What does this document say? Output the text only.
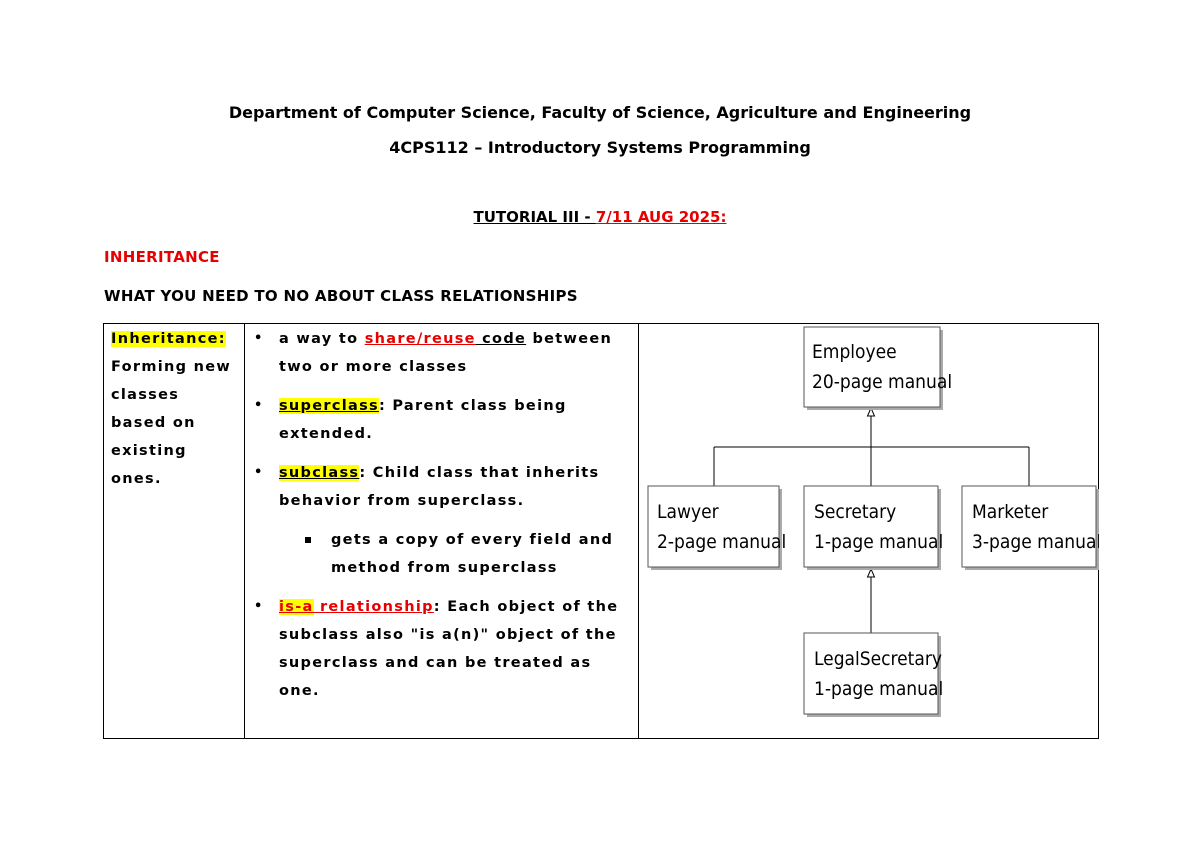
Department of Computer Science, Faculty of Science, Agriculture and Engineering
4CPS112 – Introductory Systems Programming
TUTORIAL III - 7/11 AUG 2025:
INHERITANCE
WHAT YOU NEED TO NO ABOUT CLASS RELATIONSHIPS
Inheritance:
Forming new classes based on existing ones.
• a way to share/reuse code between two or more classes
• superclass: Parent class being extended.
• subclass: Child class that inherits behavior from superclass.
gets a copy of every field and method from superclass
• is-a relationship: Each object of the subclass also "is a(n)" object of the superclass and can be treated as one.
Employee
20-page manual
Lawyer
2-page manual
Secretary
1-page manual
Marketer
3-page manual
LegalSecretary
1-page manual
